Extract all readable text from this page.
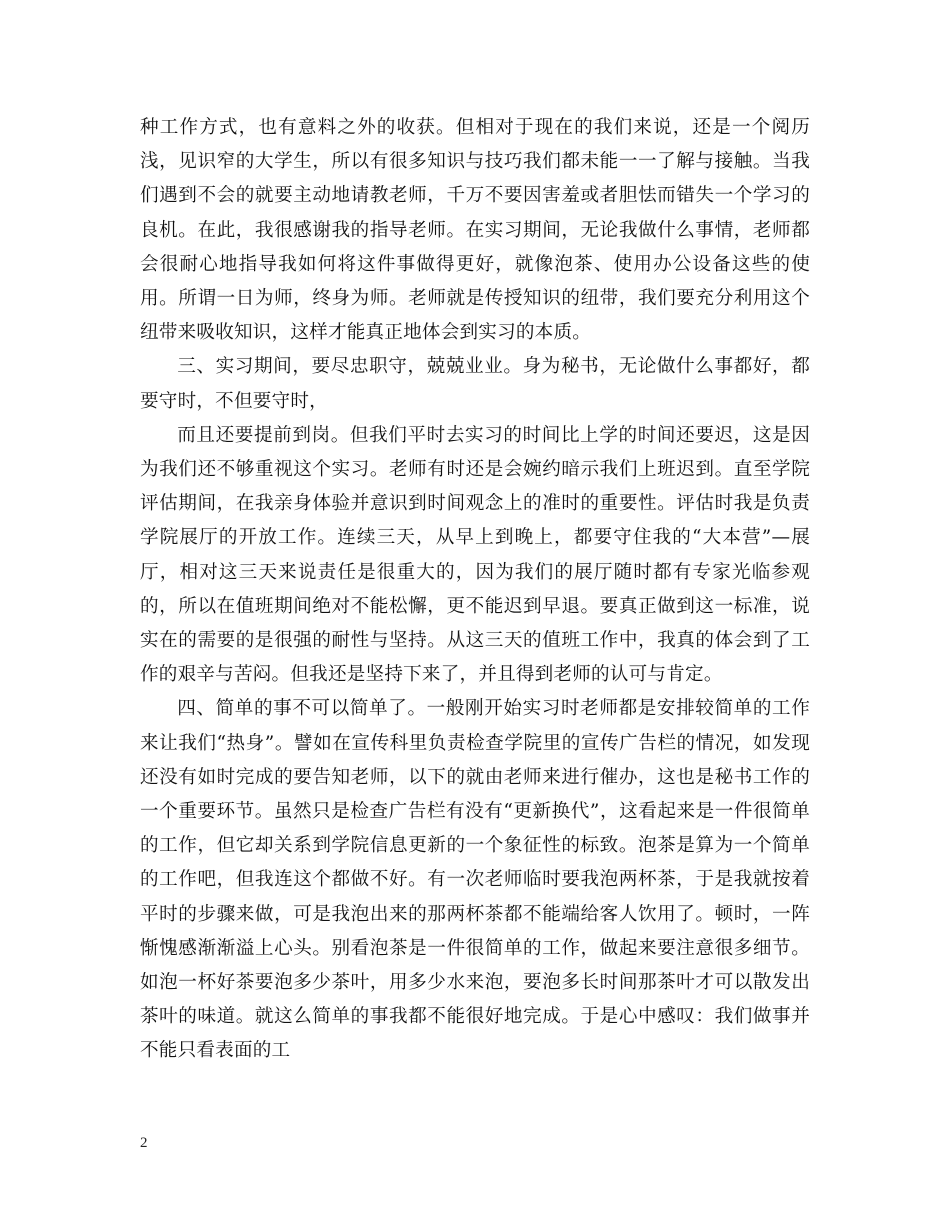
种工作方式，也有意料之外的收获。但相对于现在的我们来说，还是一个阅历浅，见识窄的大学生，所以有很多知识与技巧我们都未能一一了解与接触。当我们遇到不会的就要主动地请教老师，千万不要因害羞或者胆怯而错失一个学习的良机。在此，我很感谢我的指导老师。在实习期间，无论我做什么事情，老师都会很耐心地指导我如何将这件事做得更好，就像泡茶、使用办公设备这些的使用。所谓一日为师，终身为师。老师就是传授知识的纽带，我们要充分利用这个纽带来吸收知识，这样才能真正地体会到实习的本质。

三、实习期间，要尽忠职守，兢兢业业。身为秘书，无论做什么事都好，都要守时，不但要守时，

而且还要提前到岗。但我们平时去实习的时间比上学的时间还要迟，这是因为我们还不够重视这个实习。老师有时还是会婉约暗示我们上班迟到。直至学院评估期间，在我亲身体验并意识到时间观念上的准时的重要性。评估时我是负责学院展厅的开放工作。连续三天，从早上到晚上，都要守住我的“大本营”—展厅，相对这三天来说责任是很重大的，因为我们的展厅随时都有专家光临参观的，所以在值班期间绝对不能松懈，更不能迟到早退。要真正做到这一标准，说实在的需要的是很强的耐性与坚持。从这三天的值班工作中，我真的体会到了工作的艰辛与苦闷。但我还是坚持下来了，并且得到老师的认可与肯定。

四、简单的事不可以简单了。一般刚开始实习时老师都是安排较简单的工作来让我们“热身”。譬如在宣传科里负责检查学院里的宣传广告栏的情况，如发现还没有如时完成的要告知老师，以下的就由老师来进行催办，这也是秘书工作的一个重要环节。虽然只是检查广告栏有没有“更新换代”，这看起来是一件很简单的工作，但它却关系到学院信息更新的一个象征性的标致。泡茶是算为一个简单的工作吧，但我连这个都做不好。有一次老师临时要我泡两杯茶，于是我就按着平时的步骤来做，可是我泡出来的那两杯茶都不能端给客人饮用了。顿时，一阵惭愧感渐渐溢上心头。别看泡茶是一件很简单的工作，做起来要注意很多细节。如泡一杯好茶要泡多少茶叶，用多少水来泡，要泡多长时间那茶叶才可以散发出茶叶的味道。就这么简单的事我都不能很好地完成。于是心中感叹：我们做事并不能只看表面的工

2
